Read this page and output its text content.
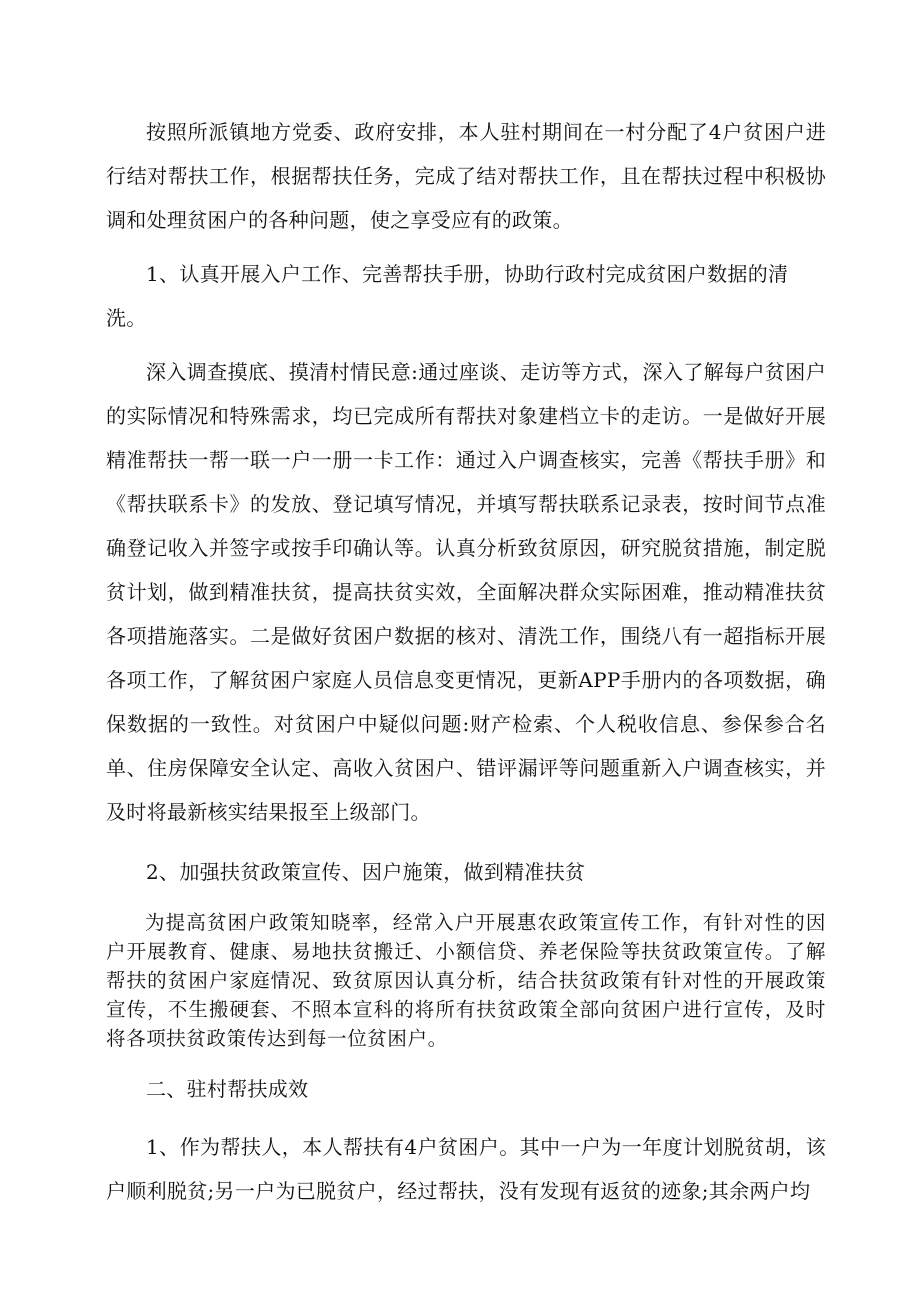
按照所派镇地方党委、政府安排，本人驻村期间在一村分配了4户贫困户进行结对帮扶工作，根据帮扶任务，完成了结对帮扶工作，且在帮扶过程中积极协调和处理贫困户的各种问题，使之享受应有的政策。

1、认真开展入户工作、完善帮扶手册，协助行政村完成贫困户数据的清洗。

深入调查摸底、摸清村情民意:通过座谈、走访等方式，深入了解每户贫困户的实际情况和特殊需求，均已完成所有帮扶对象建档立卡的走访。一是做好开展精准帮扶一帮一联一户一册一卡工作：通过入户调查核实，完善《帮扶手册》和《帮扶联系卡》的发放、登记填写情况，并填写帮扶联系记录表，按时间节点准确登记收入并签字或按手印确认等。认真分析致贫原因，研究脱贫措施，制定脱贫计划，做到精准扶贫，提高扶贫实效，全面解决群众实际困难，推动精准扶贫各项措施落实。二是做好贫困户数据的核对、清洗工作，围绕八有一超指标开展各项工作，了解贫困户家庭人员信息变更情况，更新APP手册内的各项数据，确保数据的一致性。对贫困户中疑似问题:财产检索、个人税收信息、参保参合名单、住房保障安全认定、高收入贫困户、错评漏评等问题重新入户调查核实，并及时将最新核实结果报至上级部门。

2、加强扶贫政策宣传、因户施策，做到精准扶贫

为提高贫困户政策知晓率，经常入户开展惠农政策宣传工作，有针对性的因户开展教育、健康、易地扶贫搬迁、小额信贷、养老保险等扶贫政策宣传。了解帮扶的贫困户家庭情况、致贫原因认真分析，结合扶贫政策有针对性的开展政策宣传，不生搬硬套、不照本宣科的将所有扶贫政策全部向贫困户进行宣传，及时将各项扶贫政策传达到每一位贫困户。

二、驻村帮扶成效

1、作为帮扶人，本人帮扶有4户贫困户。其中一户为一年度计划脱贫胡，该户顺利脱贫;另一户为已脱贫户，经过帮扶，没有发现有返贫的迹象;其余两户均
